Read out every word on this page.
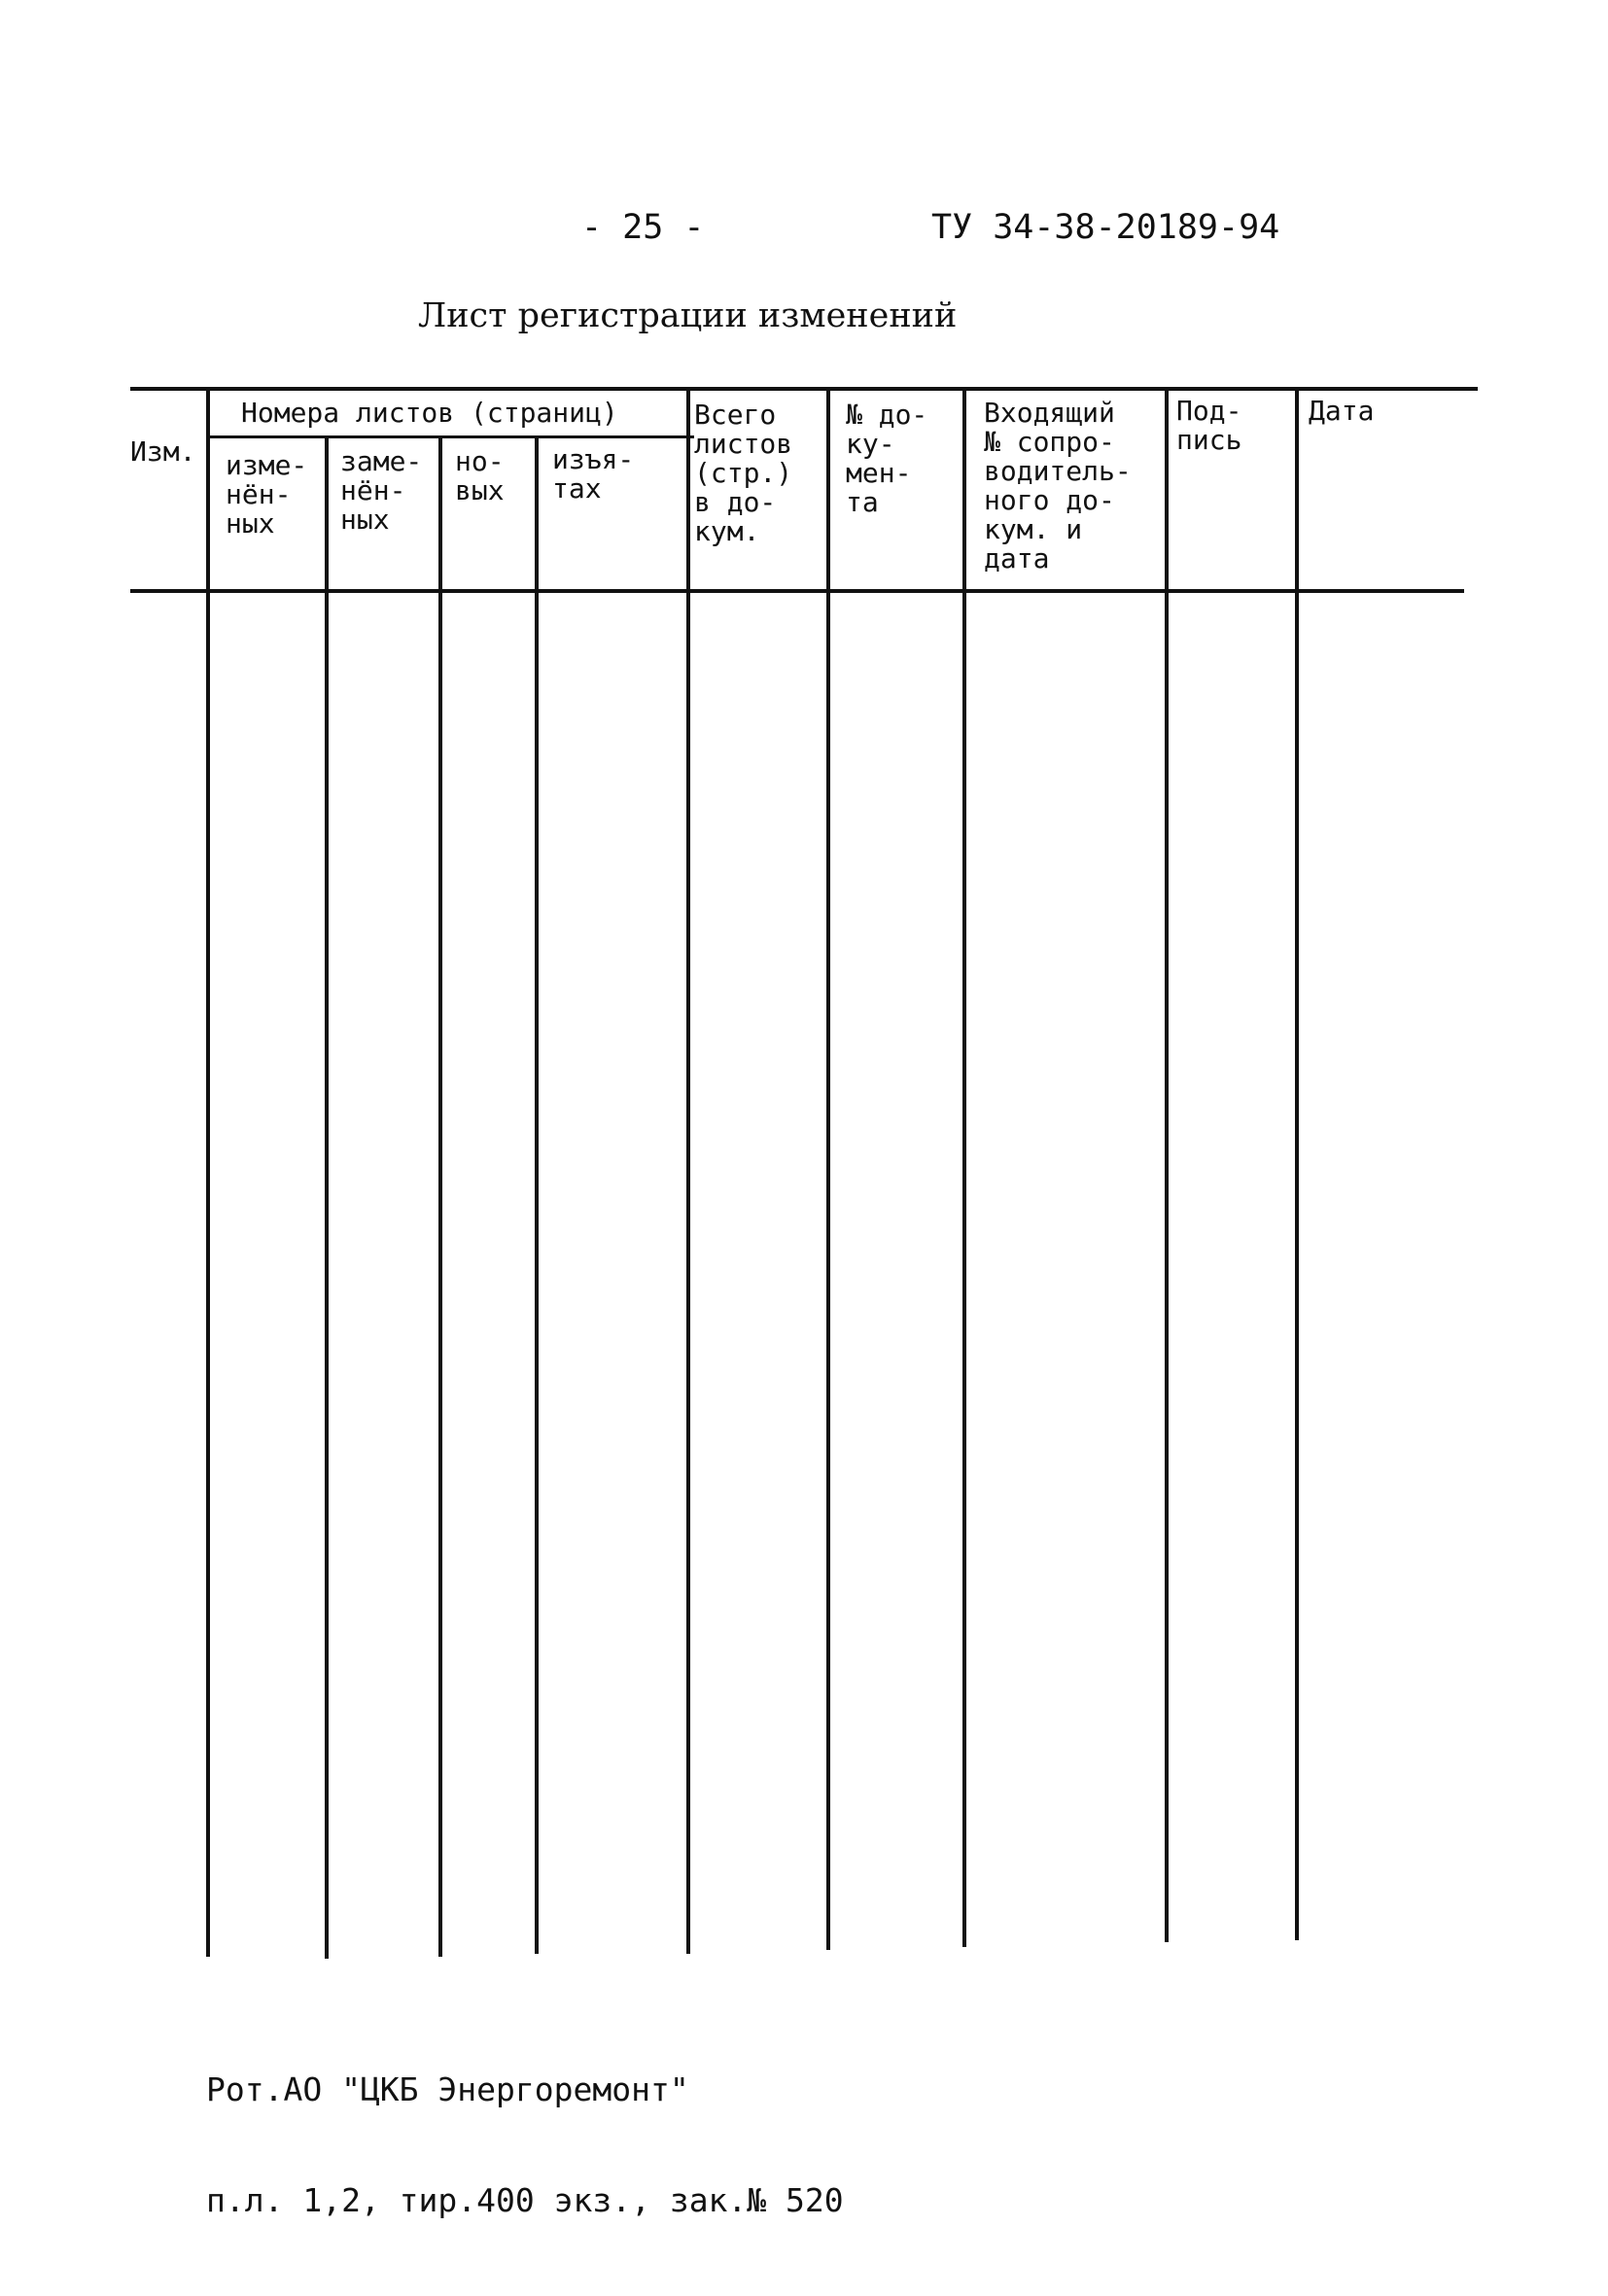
- 25 -	ТУ 34-38-20189-94
Лист регистрации изменений
Изм.
Номера листов (страниц)
изме-
нён-
ных
заме-
нён-
ных
но-
вых
изъя-
тах
Всего
листов
(стр.)
в до-
кум.
№ до-
ку-
мен-
та
Входящий
№ сопро-
водитель-
ного до-
кум. и
дата
Под-
пись
Дата

Рот.АО "ЦКБ Энергоремонт"

п.л. 1,2, тир.400 экз., зак.№ 520
